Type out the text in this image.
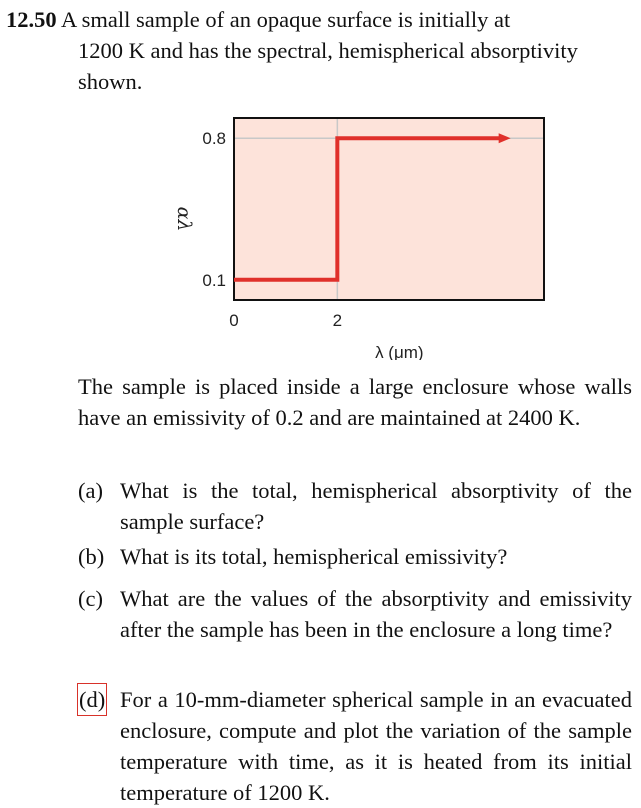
12.50 A small sample of an opaque surface is initially at
1200 K and has the spectral, hemispherical absorptivity
shown.
0.1
0.8
0	2
λ (μm)
αλ
The sample is placed inside a large enclosure whose walls have an emissivity of 0.2 and are maintained at 2400 K.
(a) What is the total, hemispherical absorptivity of the sample surface?
(b) What is its total, hemispherical emissivity?
(c) What are the values of the absorptivity and emissivity after the sample has been in the enclosure a long time?
(d) For a 10-mm-diameter spherical sample in an evacuated enclosure, compute and plot the variation of the sample temperature with time, as it is heated from its initial temperature of 1200 K.
